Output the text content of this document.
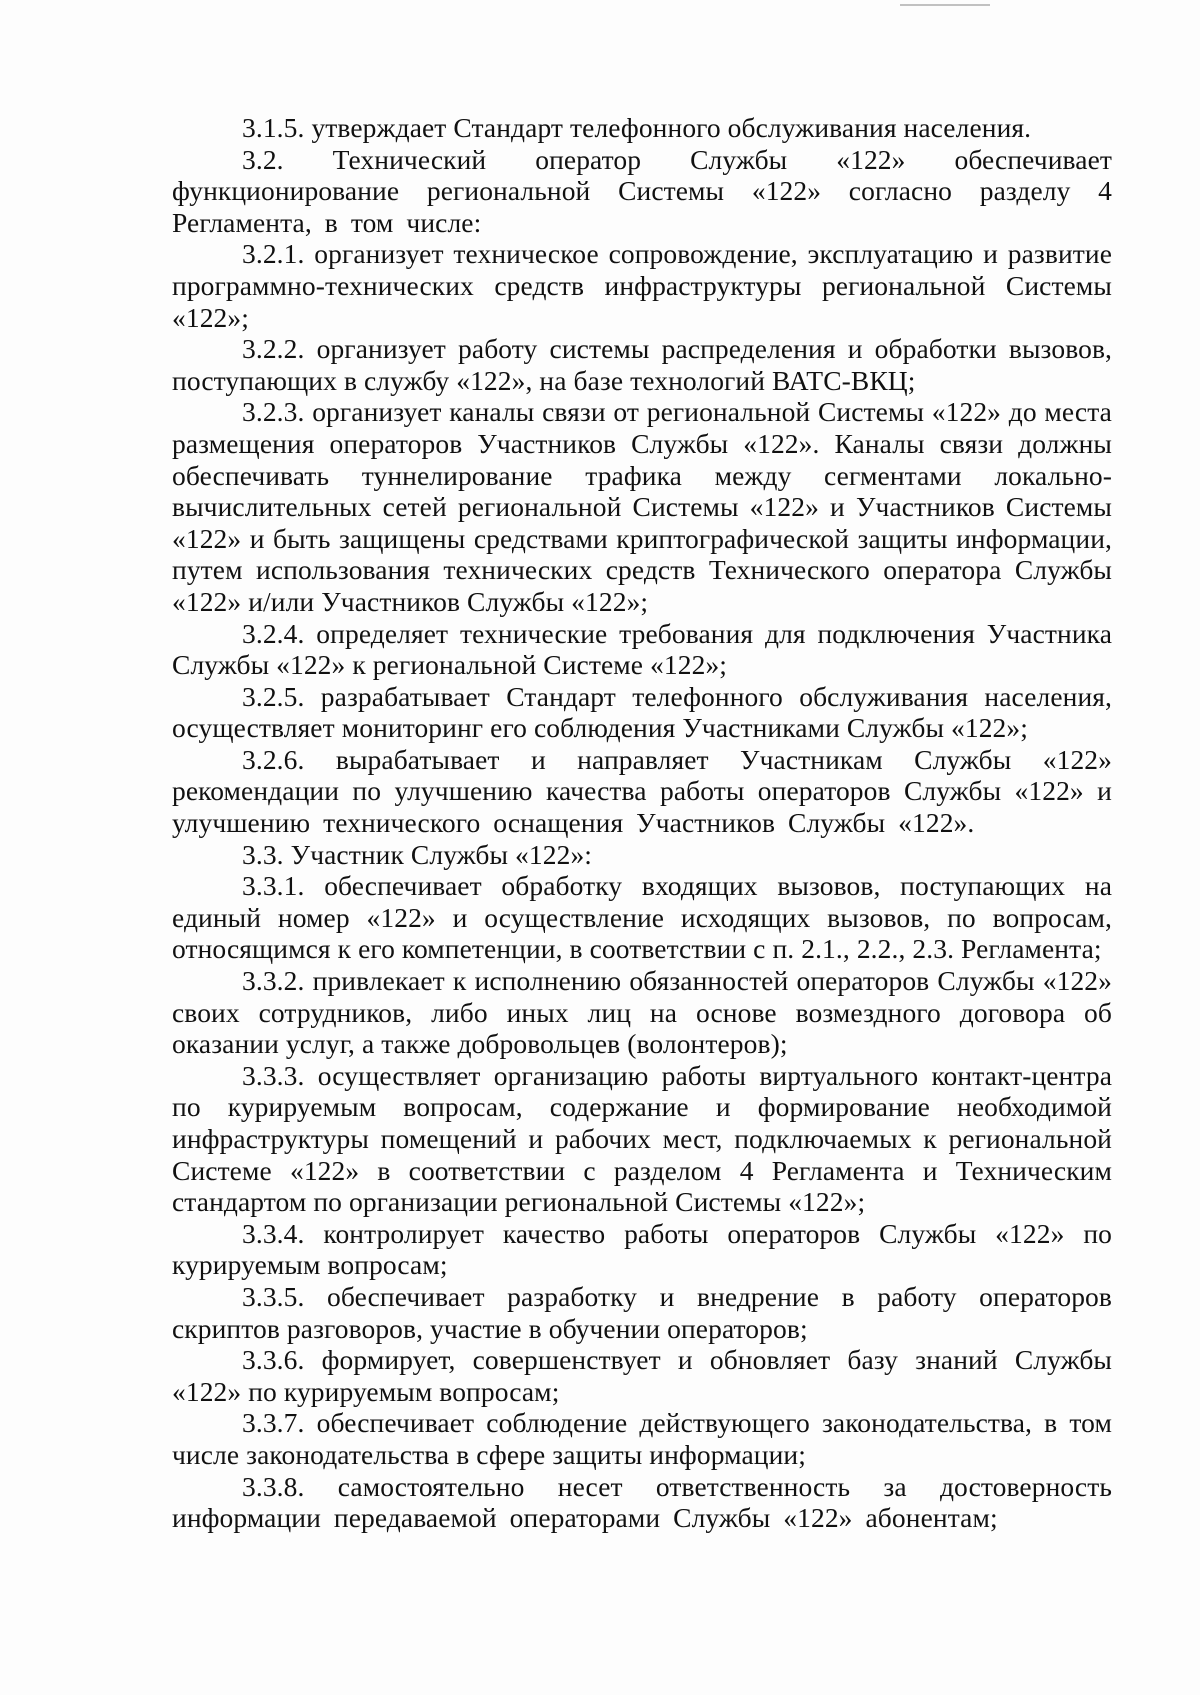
3.1.5. утверждает Стандарт телефонного обслуживания населения.

3.2. Технический оператор Службы «122» обеспечивает функционирование региональной Системы «122» согласно разделу 4 Регламента, в том числе:

3.2.1. организует техническое сопровождение, эксплуатацию и развитие программно-технических средств инфраструктуры региональной Системы «122»;

3.2.2. организует работу системы распределения и обработки вызовов, поступающих в службу «122», на базе технологий ВАТС-ВКЦ;

3.2.3. организует каналы связи от региональной Системы «122» до места размещения операторов Участников Службы «122». Каналы связи должны обеспечивать туннелирование трафика между сегментами локально-вычислительных сетей региональной Системы «122» и Участников Системы «122» и быть защищены средствами криптографической защиты информации, путем использования технических средств Технического оператора Службы «122» и/или Участников Службы «122»;

3.2.4. определяет технические требования для подключения Участника Службы «122» к региональной Системе «122»;

3.2.5. разрабатывает Стандарт телефонного обслуживания населения, осуществляет мониторинг его соблюдения Участниками Службы «122»;

3.2.6. вырабатывает и направляет Участникам Службы «122» рекомендации по улучшению качества работы операторов Службы «122» и улучшению технического оснащения Участников Службы «122».

3.3. Участник Службы «122»:

3.3.1. обеспечивает обработку входящих вызовов, поступающих на единый номер «122» и осуществление исходящих вызовов, по вопросам, относящимся к его компетенции, в соответствии с п. 2.1., 2.2., 2.3. Регламента;

3.3.2. привлекает к исполнению обязанностей операторов Службы «122» своих сотрудников, либо иных лиц на основе возмездного договора об оказании услуг, а также добровольцев (волонтеров);

3.3.3. осуществляет организацию работы виртуального контакт-центра по курируемым вопросам, содержание и формирование необходимой инфраструктуры помещений и рабочих мест, подключаемых к региональной Системе «122» в соответствии с разделом 4 Регламента и Техническим стандартом по организации региональной Системы «122»;

3.3.4. контролирует качество работы операторов Службы «122» по курируемым вопросам;

3.3.5. обеспечивает разработку и внедрение в работу операторов скриптов разговоров, участие в обучении операторов;

3.3.6. формирует, совершенствует и обновляет базу знаний Службы «122» по курируемым вопросам;

3.3.7. обеспечивает соблюдение действующего законодательства, в том числе законодательства в сфере защиты информации;

3.3.8. самостоятельно несет ответственность за достоверность информации передаваемой операторами Службы «122» абонентам;
